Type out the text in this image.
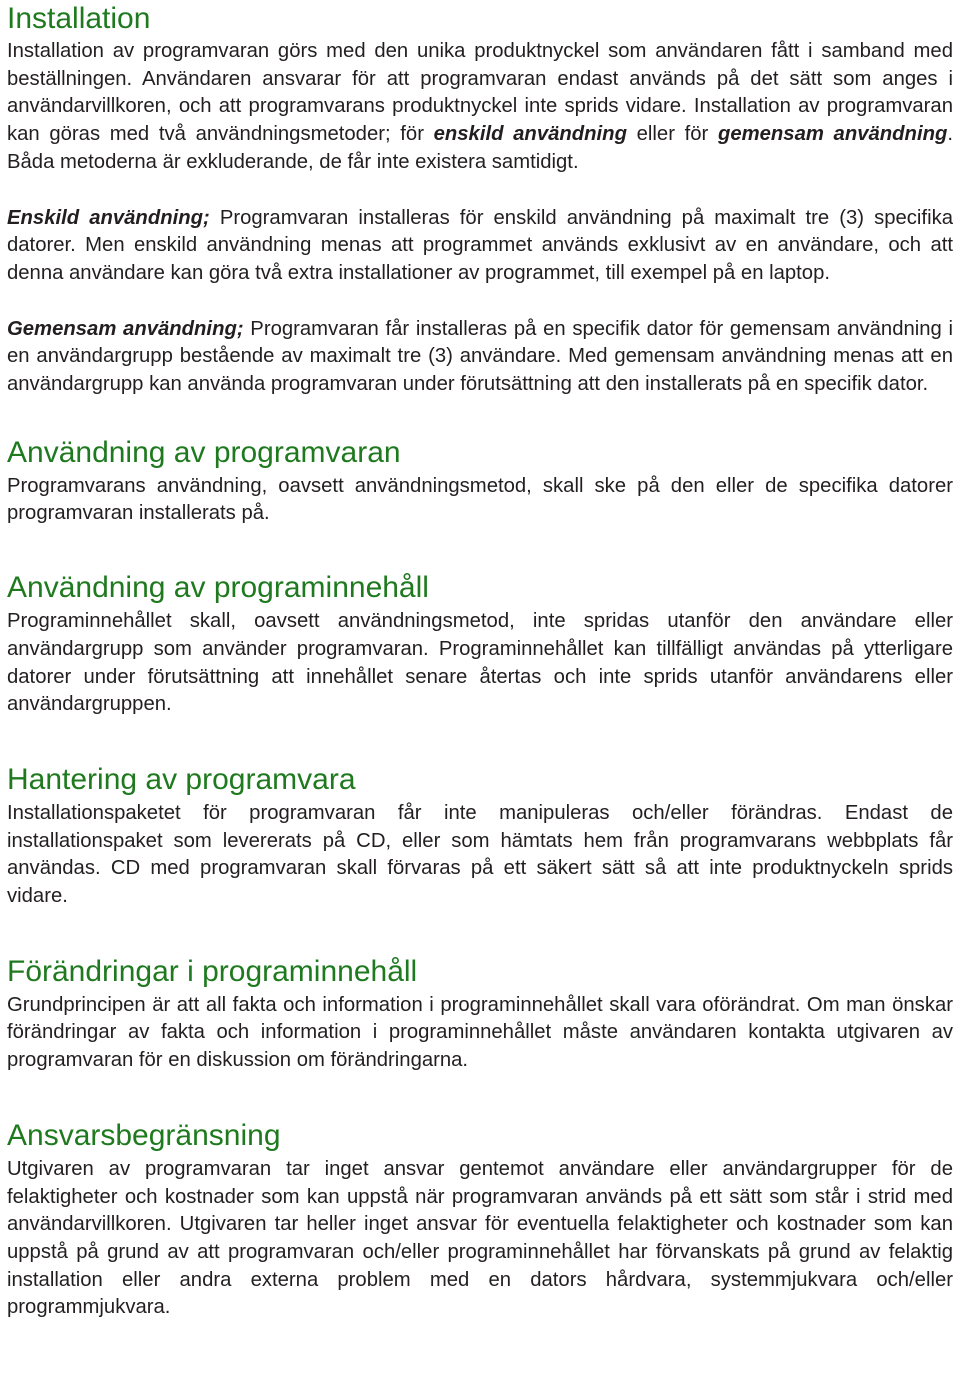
Installation

Installation av programvaran görs med den unika produktnyckel som användaren fått i samband med beställningen. Användaren ansvarar för att programvaran endast används på det sätt som anges i användarvillkoren, och att programvarans produktnyckel inte sprids vidare. Installation av programvaran kan göras med två användningsmetoder; för enskild användning eller för gemensam användning. Båda metoderna är exkluderande, de får inte existera samtidigt.

Enskild användning; Programvaran installeras för enskild användning på maximalt tre (3) specifika datorer. Men enskild användning menas att programmet används exklusivt av en användare, och att denna användare kan göra två extra installationer av programmet, till exempel på en laptop.

Gemensam användning; Programvaran får installeras på en specifik dator för gemensam användning i en användargrupp bestående av maximalt tre (3) användare. Med gemensam användning menas att en användargrupp kan använda programvaran under förutsättning att den installerats på en specifik dator.

Användning av programvaran

Programvarans användning, oavsett användningsmetod, skall ske på den eller de specifika datorer programvaran installerats på.

Användning av programinnehåll

Programinnehållet skall, oavsett användningsmetod, inte spridas utanför den användare eller användargrupp som använder programvaran. Programinnehållet kan tillfälligt användas på ytterligare datorer under förutsättning att innehållet senare återtas och inte sprids utanför användarens eller användargruppen.

Hantering av programvara

Installationspaketet för programvaran får inte manipuleras och/eller förändras. Endast de installationspaket som levererats på CD, eller som hämtats hem från programvarans webbplats får användas. CD med programvaran skall förvaras på ett säkert sätt så att inte produktnyckeln sprids vidare.

Förändringar i programinnehåll

Grundprincipen är att all fakta och information i programinnehållet skall vara oförändrat. Om man önskar förändringar av fakta och information i programinnehållet måste användaren kontakta utgivaren av programvaran för en diskussion om förändringarna.

Ansvarsbegränsning

Utgivaren av programvaran tar inget ansvar gentemot användare eller användargrupper för de felaktigheter och kostnader som kan uppstå när programvaran används på ett sätt som står i strid med användarvillkoren. Utgivaren tar heller inget ansvar för eventuella felaktigheter och kostnader som kan uppstå på grund av att programvaran och/eller programinnehållet har förvanskats på grund av felaktig installation eller andra externa problem med en dators hårdvara, systemmjukvara och/eller programmjukvara.
